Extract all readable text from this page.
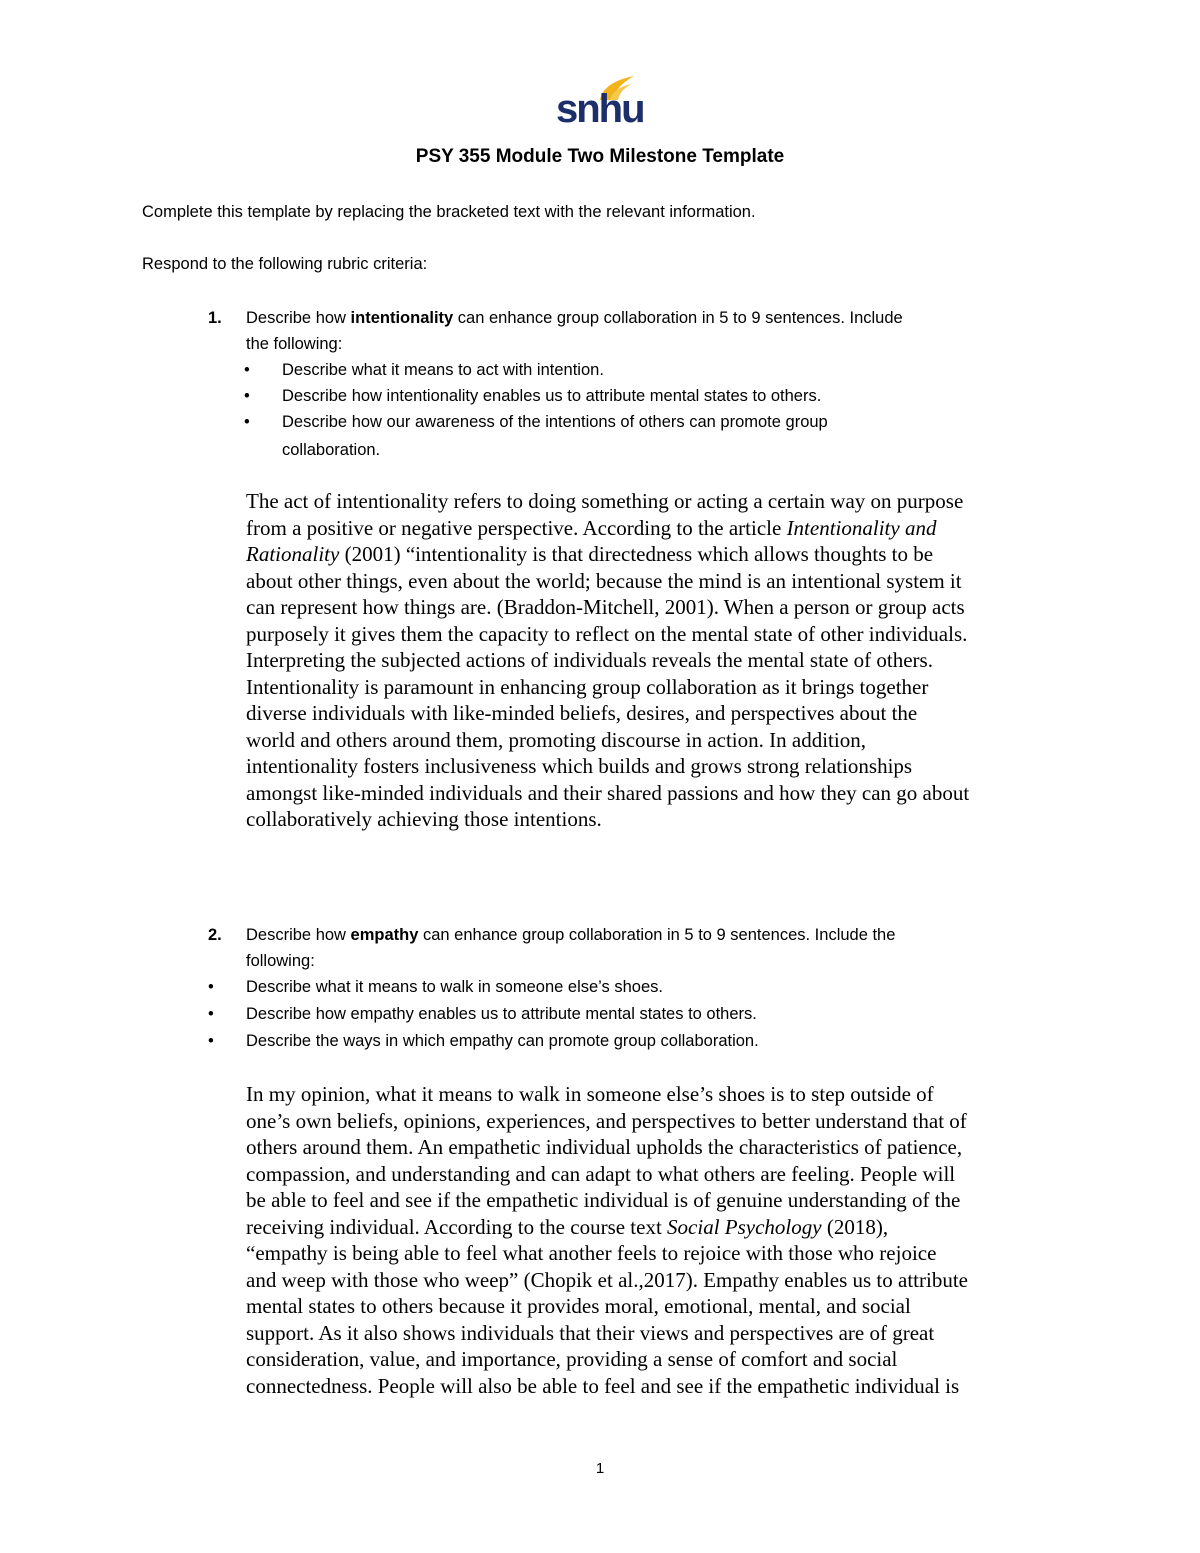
snhu
PSY 355 Module Two Milestone Template
Complete this template by replacing the bracketed text with the relevant information.
Respond to the following rubric criteria:
1. Describe how intentionality can enhance group collaboration in 5 to 9 sentences. Include
the following:
• Describe what it means to act with intention.
• Describe how intentionality enables us to attribute mental states to others.
• Describe how our awareness of the intentions of others can promote group
collaboration.
The act of intentionality refers to doing something or acting a certain way on purpose
from a positive or negative perspective. According to the article Intentionality and
Rationality (2001) “intentionality is that directedness which allows thoughts to be
about other things, even about the world; because the mind is an intentional system it
can represent how things are. (Braddon-Mitchell, 2001). When a person or group acts
purposely it gives them the capacity to reflect on the mental state of other individuals.
Interpreting the subjected actions of individuals reveals the mental state of others.
Intentionality is paramount in enhancing group collaboration as it brings together
diverse individuals with like-minded beliefs, desires, and perspectives about the
world and others around them, promoting discourse in action. In addition,
intentionality fosters inclusiveness which builds and grows strong relationships
amongst like-minded individuals and their shared passions and how they can go about
collaboratively achieving those intentions.
2. Describe how empathy can enhance group collaboration in 5 to 9 sentences. Include the
following:
• Describe what it means to walk in someone else’s shoes.
• Describe how empathy enables us to attribute mental states to others.
• Describe the ways in which empathy can promote group collaboration.
In my opinion, what it means to walk in someone else’s shoes is to step outside of
one’s own beliefs, opinions, experiences, and perspectives to better understand that of
others around them. An empathetic individual upholds the characteristics of patience,
compassion, and understanding and can adapt to what others are feeling. People will
be able to feel and see if the empathetic individual is of genuine understanding of the
receiving individual. According to the course text Social Psychology (2018),
“empathy is being able to feel what another feels to rejoice with those who rejoice
and weep with those who weep” (Chopik et al.,2017). Empathy enables us to attribute
mental states to others because it provides moral, emotional, mental, and social
support. As it also shows individuals that their views and perspectives are of great
consideration, value, and importance, providing a sense of comfort and social
connectedness. People will also be able to feel and see if the empathetic individual is
1
